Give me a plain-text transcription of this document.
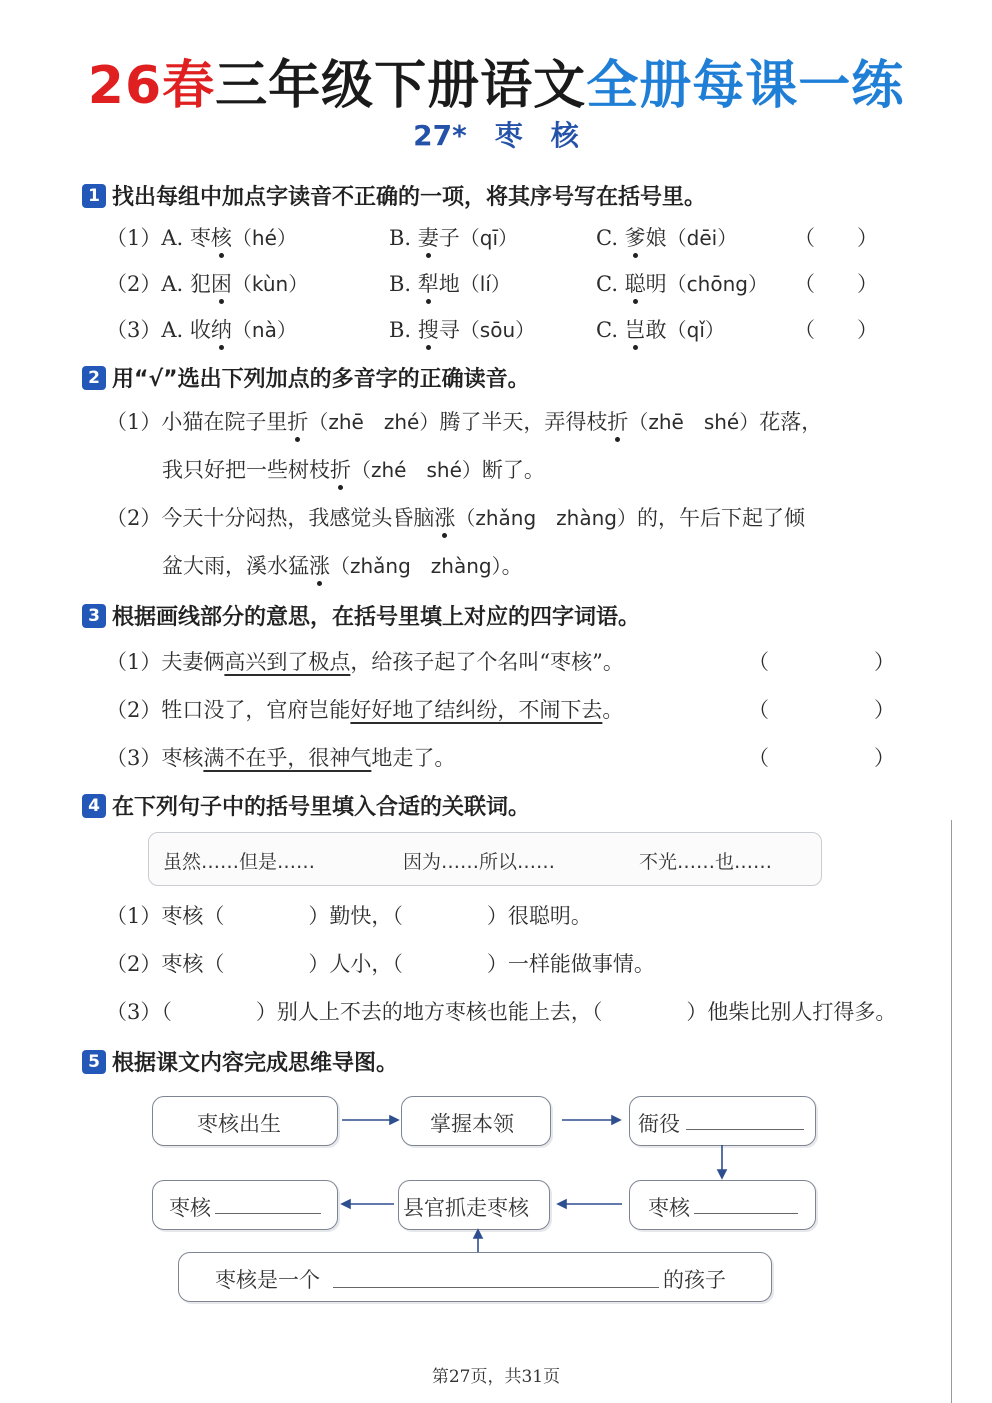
26春三年级下册语文全册每课一练
27* 枣 核
1 找出每组中加点字读音不正确的一项，将其序号写在括号里。
（1）A. 枣核（hé）	B. 妻子（qī）	C. 爹娘（dēi）	（　　）
（2）A. 犯困（kùn）	B. 犁地（lí）	C. 聪明（chōng） （　　）
（3）A. 收纳（nà）	B. 搜寻（sōu）	C. 岂敢（qǐ）	（　　）
2 用“√”选出下列加点的多音字的正确读音。
（1）小猫在院子里折（zhē　zhé）腾了半天，弄得枝折（zhē　shé）花落，
我只好把一些树枝折（zhé　shé）断了。
（2）今天十分闷热，我感觉头昏脑涨（zhǎng　zhàng）的，午后下起了倾
盆大雨，溪水猛涨（zhǎng　zhàng）。
3 根据画线部分的意思，在括号里填上对应的四字词语。
（1）夫妻俩高兴到了极点，给孩子起了个名叫“枣核”。	（　　　　　）
（2）牲口没了，官府岂能好好地了结纠纷，不闹下去。	（　　　　　）
（3）枣核满不在乎，很神气地走了。	（　　　　　）
4 在下列句子中的括号里填入合适的关联词。
虽然……但是……	因为……所以……	不光……也……
（1）枣核（　　　　）勤快，（　　　　）很聪明。
（2）枣核（　　　　）人小，（　　　　）一样能做事情。
（3）（　　　　）别人上不去的地方枣核也能上去，（　　　　）他柴比别人打得多。
5 根据课文内容完成思维导图。
枣核出生	掌握本领	衙役
枣核	县官抓走枣核	枣核
枣核是一个	的孩子
第27页，共31页
